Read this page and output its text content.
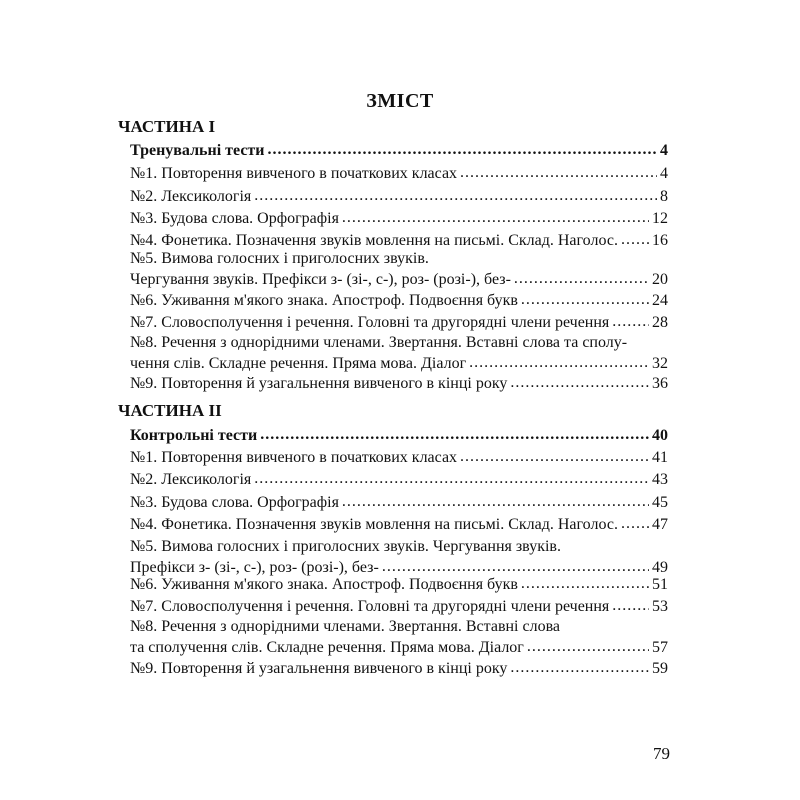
ЗМІСТ
ЧАСТИНА І
Тренувальні тести .....	4
№1. Повторення вивченого в початкових класах .....	4
№2. Лексикологія .....	8
№3. Будова слова. Орфографія .....	12
№4. Фонетика. Позначення звуків мовлення на письмі. Склад. Наголос. ..... 16
№5. Вимова голосних і приголосних звуків.
Чергування звуків. Префікси з- (зі-, с-), роз- (розі-), без- .....	20
№6. Уживання м'якого знака. Апостроф. Подвоєння букв .....	24
№7. Словосполучення і речення. Головні та другорядні члени речення .....	28
№8. Речення з однорідними членами. Звертання. Вставні слова та сполу-
чення слів. Складне речення. Пряма мова. Діалог .....	32
№9. Повторення й узагальнення вивченого в кінці року .....	36
ЧАСТИНА ІІ
Контрольні тести .....	40
№1. Повторення вивченого в початкових класах .....	41
№2. Лексикологія .....	43
№3. Будова слова. Орфографія .....	45
№4. Фонетика. Позначення звуків мовлення на письмі. Склад. Наголос. ..... 47
№5. Вимова голосних і приголосних звуків. Чергування звуків.
Префікси з- (зі-, с-), роз- (розі-), без- .....	49
№6. Уживання м'якого знака. Апостроф. Подвоєння букв .....	51
№7. Словосполучення і речення. Головні та другорядні члени речення .....	53
№8. Речення з однорідними членами. Звертання. Вставні слова
та сполучення слів. Складне речення. Пряма мова. Діалог .....	57
№9. Повторення й узагальнення вивченого в кінці року .....	59
79
